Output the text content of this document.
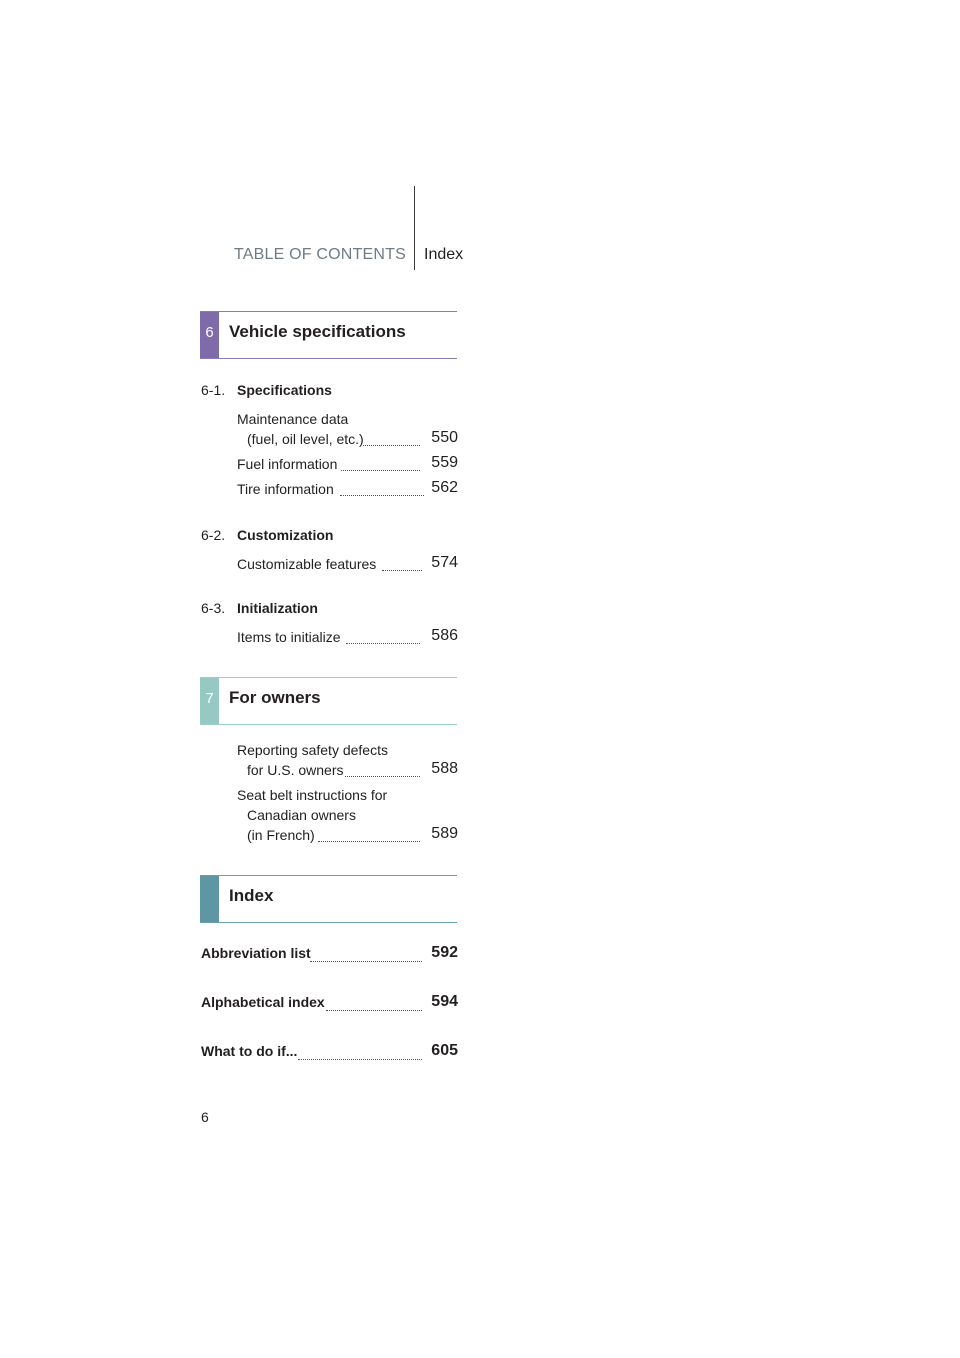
TABLE OF CONTENTS Index
6 Vehicle specifications
6-1. Specifications
Maintenance data
(fuel, oil level, etc.)	550
Fuel information	559
Tire information	562
6-2. Customization
Customizable features	574
6-3. Initialization
Items to initialize	586
7 For owners
Reporting safety defects
for U.S. owners	588
Seat belt instructions for
Canadian owners
(in French)	589
Index
Abbreviation list	592
Alphabetical index	594
What to do if...	605
6
